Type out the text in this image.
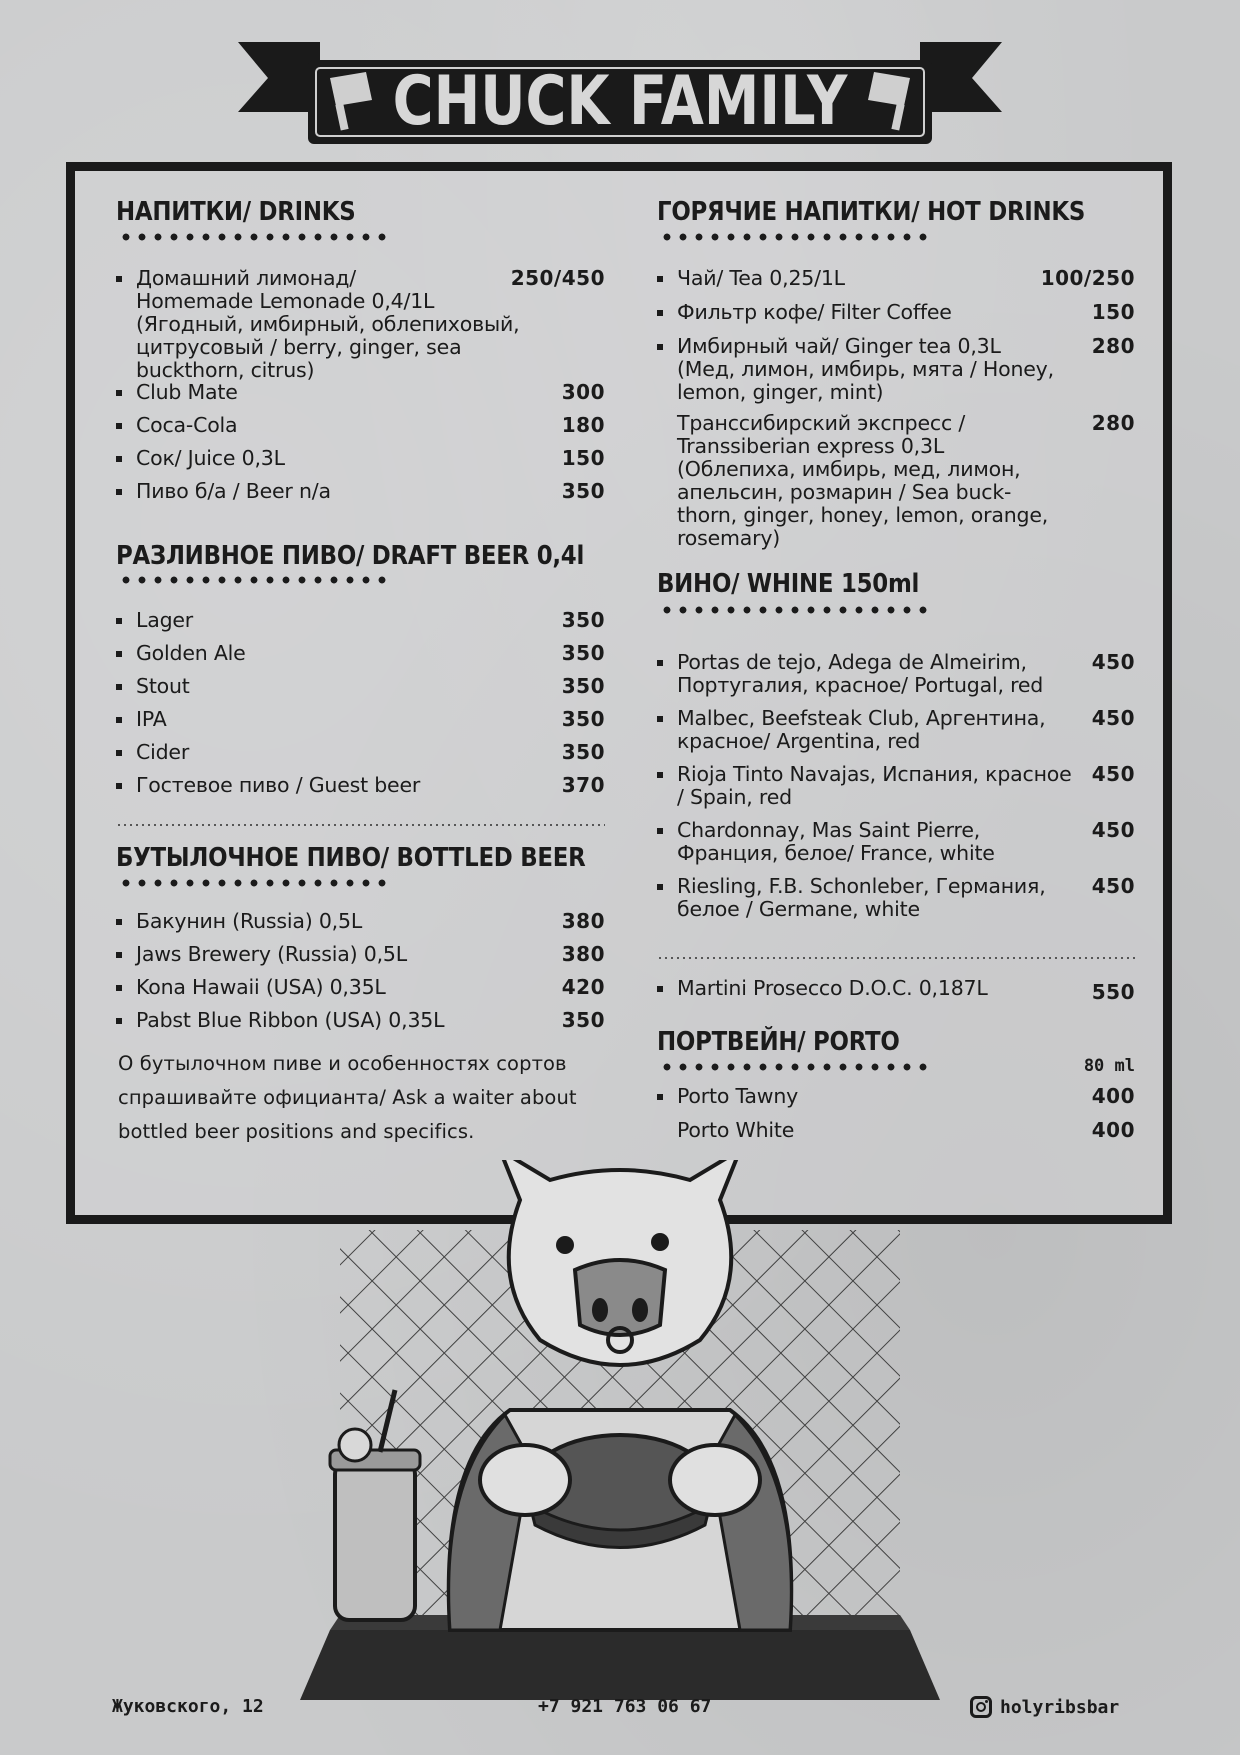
CHUCK FAMILY
НАПИТКИ/ DRINKS
Домашний лимонад/
Homemade Lemonade 0,4/1L
(Ягодный, имбирный, облепиховый,
цитрусовый / berry, ginger, sea
buckthorn, citrus)
250/450
Club Mate	300
Coca-Cola	180
Сок/ Juice 0,3L	150
Пиво б/а / Beer n/a	350
РАЗЛИВНОЕ ПИВО/ DRAFT BEER 0,4l
Lager	350
Golden Ale	350
Stout	350
IPA	350
Cider	350
Гостевое пиво / Guest beer	370
БУТЫЛОЧНОЕ ПИВО/ BOTTLED BEER
Бакунин (Russia) 0,5L	380
Jaws Brewery (Russia) 0,5L	380
Kona Hawaii (USA) 0,35L	420
Pabst Blue Ribbon (USA) 0,35L	350
О бутылочном пиве и особенностях сортов спрашивайте официанта/ Ask a waiter about bottled beer positions and specifics.
ГОРЯЧИЕ НАПИТКИ/ HOT DRINKS
Чай/ Tea 0,25/1L	100/250
Фильтр кофе/ Filter Coffee	150
Имбирный чай/ Ginger tea 0,3L
(Мед, лимон, имбирь, мята / Honey,
lemon, ginger, mint)
280
Транссибирский экспресс /
Transsiberian express 0,3L
(Облепиха, имбирь, мед, лимон,
апельсин, розмарин / Sea buck-
thorn, ginger, honey, lemon, orange,
rosemary)
280
ВИНО/ WHINE 150ml
Portas de tejo, Adega de Almeirim,
Португалия, красное/ Portugal, red
450
Malbec, Beefsteak Club, Аргентина,
красное/ Argentina, red
450
Rioja Tinto Navajas, Испания, красное
/ Spain, red
450
Chardonnay, Mas Saint Pierre,
Франция, белое/ France, white
450
Riesling, F.B. Schonleber, Германия,
белое / Germane, white
450
Martini Prosecco D.O.C. 0,187L	550
ПОРТВЕЙН/ PORTO
80 ml
Porto Tawny	400
Porto White	400
Жуковского, 12	+7 921 763 06 67	holyribsbar
